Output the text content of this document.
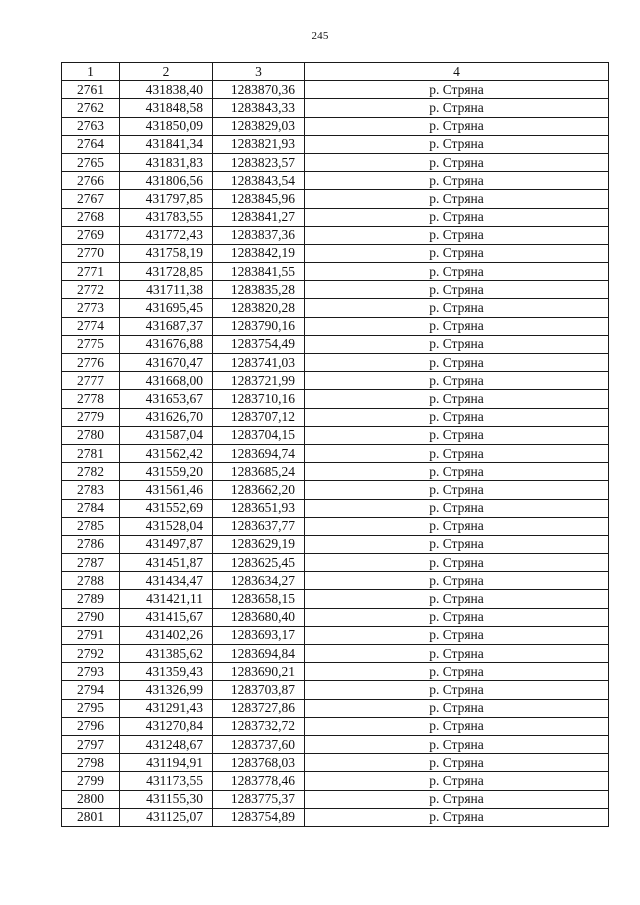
245
1	2	3	4
2761	431838,40	1283870,36	р. Стряна
2762	431848,58	1283843,33	р. Стряна
2763	431850,09	1283829,03	р. Стряна
2764	431841,34	1283821,93	р. Стряна
2765	431831,83	1283823,57	р. Стряна
2766	431806,56	1283843,54	р. Стряна
2767	431797,85	1283845,96	р. Стряна
2768	431783,55	1283841,27	р. Стряна
2769	431772,43	1283837,36	р. Стряна
2770	431758,19	1283842,19	р. Стряна
2771	431728,85	1283841,55	р. Стряна
2772	431711,38	1283835,28	р. Стряна
2773	431695,45	1283820,28	р. Стряна
2774	431687,37	1283790,16	р. Стряна
2775	431676,88	1283754,49	р. Стряна
2776	431670,47	1283741,03	р. Стряна
2777	431668,00	1283721,99	р. Стряна
2778	431653,67	1283710,16	р. Стряна
2779	431626,70	1283707,12	р. Стряна
2780	431587,04	1283704,15	р. Стряна
2781	431562,42	1283694,74	р. Стряна
2782	431559,20	1283685,24	р. Стряна
2783	431561,46	1283662,20	р. Стряна
2784	431552,69	1283651,93	р. Стряна
2785	431528,04	1283637,77	р. Стряна
2786	431497,87	1283629,19	р. Стряна
2787	431451,87	1283625,45	р. Стряна
2788	431434,47	1283634,27	р. Стряна
2789	431421,11	1283658,15	р. Стряна
2790	431415,67	1283680,40	р. Стряна
2791	431402,26	1283693,17	р. Стряна
2792	431385,62	1283694,84	р. Стряна
2793	431359,43	1283690,21	р. Стряна
2794	431326,99	1283703,87	р. Стряна
2795	431291,43	1283727,86	р. Стряна
2796	431270,84	1283732,72	р. Стряна
2797	431248,67	1283737,60	р. Стряна
2798	431194,91	1283768,03	р. Стряна
2799	431173,55	1283778,46	р. Стряна
2800	431155,30	1283775,37	р. Стряна
2801	431125,07	1283754,89	р. Стряна
